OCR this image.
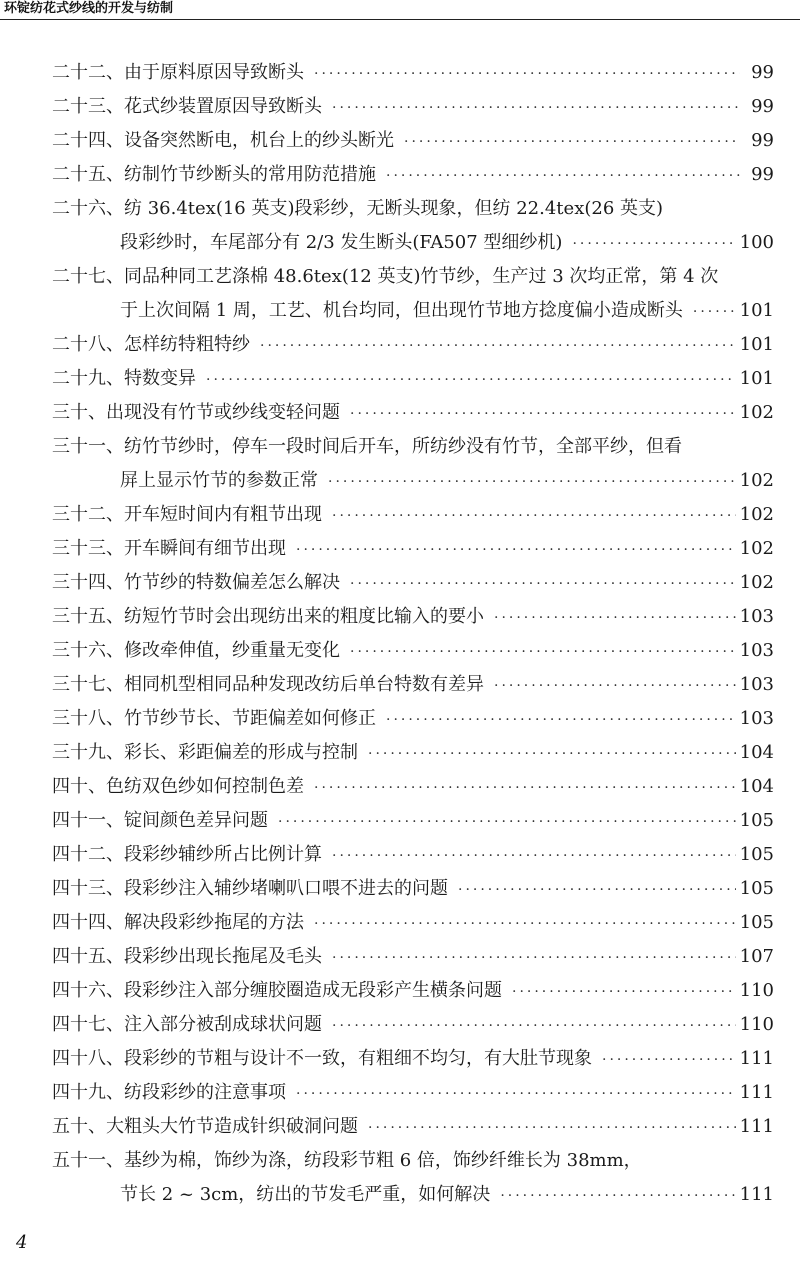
环锭纺花式纱线的开发与纺制
二十二、由于原料原因导致断头 ·····	99
二十三、花式纱装置原因导致断头 ·····	99
二十四、设备突然断电，机台上的纱头断光 ·····	99
二十五、纺制竹节纱断头的常用防范措施 ·····	99
二十六、纺 36.4tex(16 英支)段彩纱，无断头现象，但纺 22.4tex(26 英支)
段彩纱时，车尾部分有 2/3 发生断头(FA507 型细纱机) ·····	100
二十七、同品种同工艺涤棉 48.6tex(12 英支)竹节纱，生产过 3 次均正常，第 4 次
于上次间隔 1 周，工艺、机台均同，但出现竹节地方捻度偏小造成断头 ·····	101
二十八、怎样纺特粗特纱 ·····	101
二十九、特数变异 ·····	101
三十、出现没有竹节或纱线变轻问题 ·····	102
三十一、纺竹节纱时，停车一段时间后开车，所纺纱没有竹节，全部平纱，但看
屏上显示竹节的参数正常 ·····	102
三十二、开车短时间内有粗节出现 ·····	102
三十三、开车瞬间有细节出现 ·····	102
三十四、竹节纱的特数偏差怎么解决 ·····	102
三十五、纺短竹节时会出现纺出来的粗度比输入的要小 ·····	103
三十六、修改牵伸值，纱重量无变化 ·····	103
三十七、相同机型相同品种发现改纺后单台特数有差异 ·····	103
三十八、竹节纱节长、节距偏差如何修正 ·····	103
三十九、彩长、彩距偏差的形成与控制 ·····	104
四十、色纺双色纱如何控制色差 ·····	104
四十一、锭间颜色差异问题 ·····	105
四十二、段彩纱辅纱所占比例计算 ·····	105
四十三、段彩纱注入辅纱堵喇叭口喂不进去的问题 ·····	105
四十四、解决段彩纱拖尾的方法 ·····	105
四十五、段彩纱出现长拖尾及毛头 ·····	107
四十六、段彩纱注入部分缠胶圈造成无段彩产生横条问题 ·····	110
四十七、注入部分被刮成球状问题 ·····	110
四十八、段彩纱的节粗与设计不一致，有粗细不均匀，有大肚节现象 ·····	111
四十九、纺段彩纱的注意事项 ·····	111
五十、大粗头大竹节造成针织破洞问题 ·····	111
五十一、基纱为棉，饰纱为涤，纺段彩节粗 6 倍，饰纱纤维长为 38mm，
节长 2 ~ 3cm，纺出的节发毛严重，如何解决 ·····	111
4
